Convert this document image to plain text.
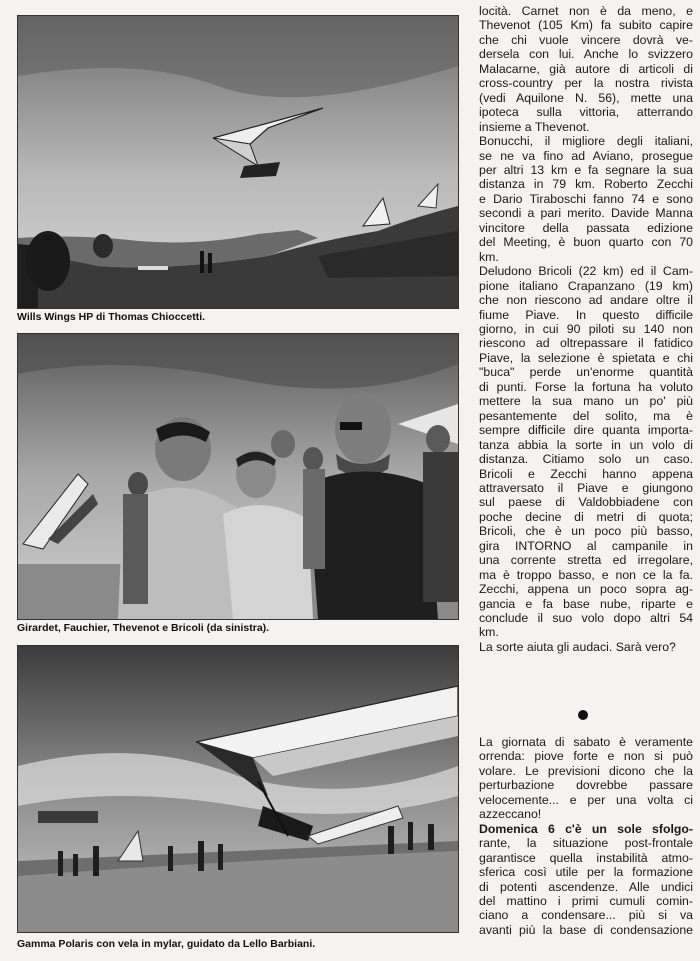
Wills Wings HP di Thomas Chioccetti.
Girardet, Fauchier, Thevenot e Bricoli (da sinistra).
Gamma Polaris con vela in mylar, guidato da Lello Barbiani.
locità. Carnet non è da meno, e
Thevenot (105 Km) fa subito capire
che chi vuole vincere dovrà ve-
dersela con lui. Anche lo svizzero
Malacarne, già autore di articoli di
cross-country per la nostra rivista
(vedi Aquilone N. 56), mette una
ipoteca sulla vittoria, atterrando
insieme a Thevenot.
Bonucchi, il migliore degli italiani,
se ne va fino ad Aviano, prosegue
per altri 13 km e fa segnare la sua
distanza in 79 km. Roberto Zecchi
e Dario Tiraboschi fanno 74 e sono
secondi a pari merito. Davide Manna
vincitore della passata edizione
del Meeting, è buon quarto con 70
km.
Deludono Bricoli (22 km) ed il Cam-
pione italiano Crapanzano (19 km)
che non riescono ad andare oltre il
fiume Piave. In questo difficile
giorno, in cui 90 piloti su 140 non
riescono ad oltrepassare il fatidico
Piave, la selezione è spietata e chi
"buca" perde un'enorme quantità
di punti. Forse la fortuna ha voluto
mettere la sua mano un po' più
pesantemente del solito, ma è
sempre difficile dire quanta importa-
tanza abbia la sorte in un volo di
distanza. Citiamo solo un caso.
Bricoli e Zecchi hanno appena
attraversato il Piave e giungono
sul paese di Valdobbiadene con
poche decine di metri di quota;
Bricoli, che è un poco più basso,
gira INTORNO al campanile in
una corrente stretta ed irregolare,
ma è troppo basso, e non ce la fa.
Zecchi, appena un poco sopra ag-
gancia e fa base nube, riparte e
conclude il suo volo dopo altri 54
km.
La sorte aiuta gli audaci. Sarà vero?
La giornata di sabato è veramente
orrenda: piove forte e non si può
volare. Le previsioni dicono che la
perturbazione dovrebbe passare
velocemente... e per una volta ci
azzeccano!
Domenica 6 c'è un sole sfolgo-
rante, la situazione post-frontale
garantisce quella instabilità atmo-
sferica così utile per la formazione
di potenti ascendenze. Alle undici
del mattino i primi cumuli comin-
ciano a condensare... più si va
avanti più la base di condensazione
